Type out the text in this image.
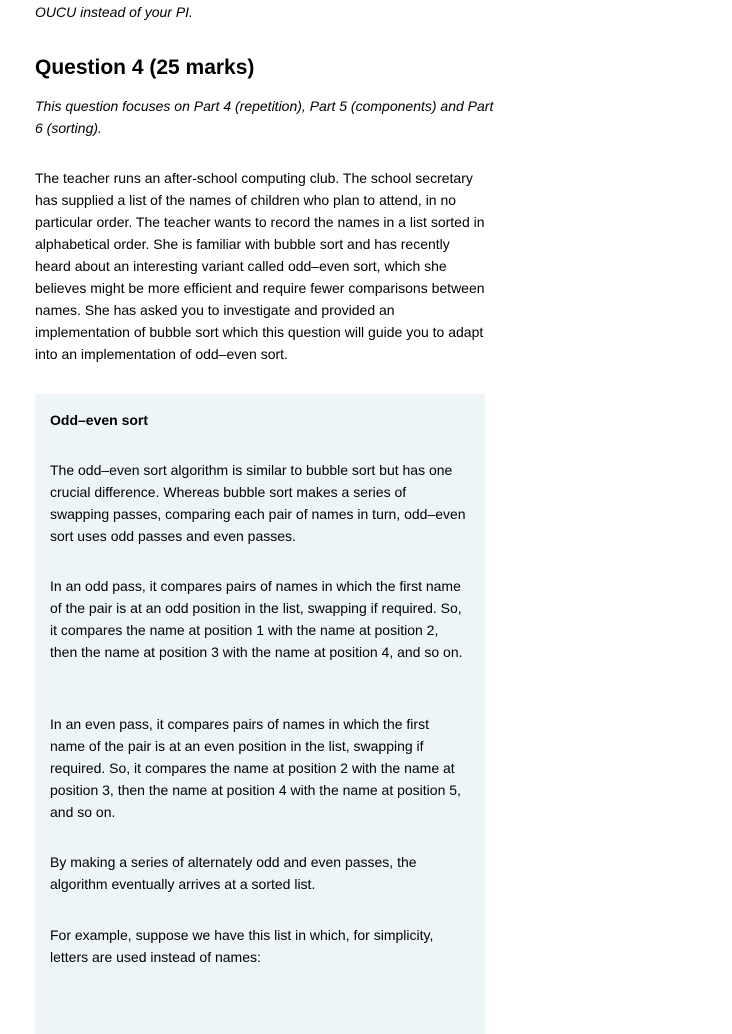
OUCU instead of your PI.
Question 4 (25 marks)

This question focuses on Part 4 (repetition), Part 5 (components) and Part 6 (sorting).

The teacher runs an after-school computing club. The school secretary has supplied a list of the names of children who plan to attend, in no particular order. The teacher wants to record the names in a list sorted in alphabetical order. She is familiar with bubble sort and has recently heard about an interesting variant called odd–even sort, which she believes might be more efficient and require fewer comparisons between names. She has asked you to investigate and provided an implementation of bubble sort which this question will guide you to adapt into an implementation of odd–even sort.

Odd–even sort

The odd–even sort algorithm is similar to bubble sort but has one crucial difference. Whereas bubble sort makes a series of swapping passes, comparing each pair of names in turn, odd–even sort uses odd passes and even passes.

In an odd pass, it compares pairs of names in which the first name of the pair is at an odd position in the list, swapping if required. So, it compares the name at position 1 with the name at position 2, then the name at position 3 with the name at position 4, and so on.

In an even pass, it compares pairs of names in which the first name of the pair is at an even position in the list, swapping if required. So, it compares the name at position 2 with the name at position 3, then the name at position 4 with the name at position 5, and so on.

By making a series of alternately odd and even passes, the algorithm eventually arrives at a sorted list.

For example, suppose we have this list in which, for simplicity, letters are used instead of names:
